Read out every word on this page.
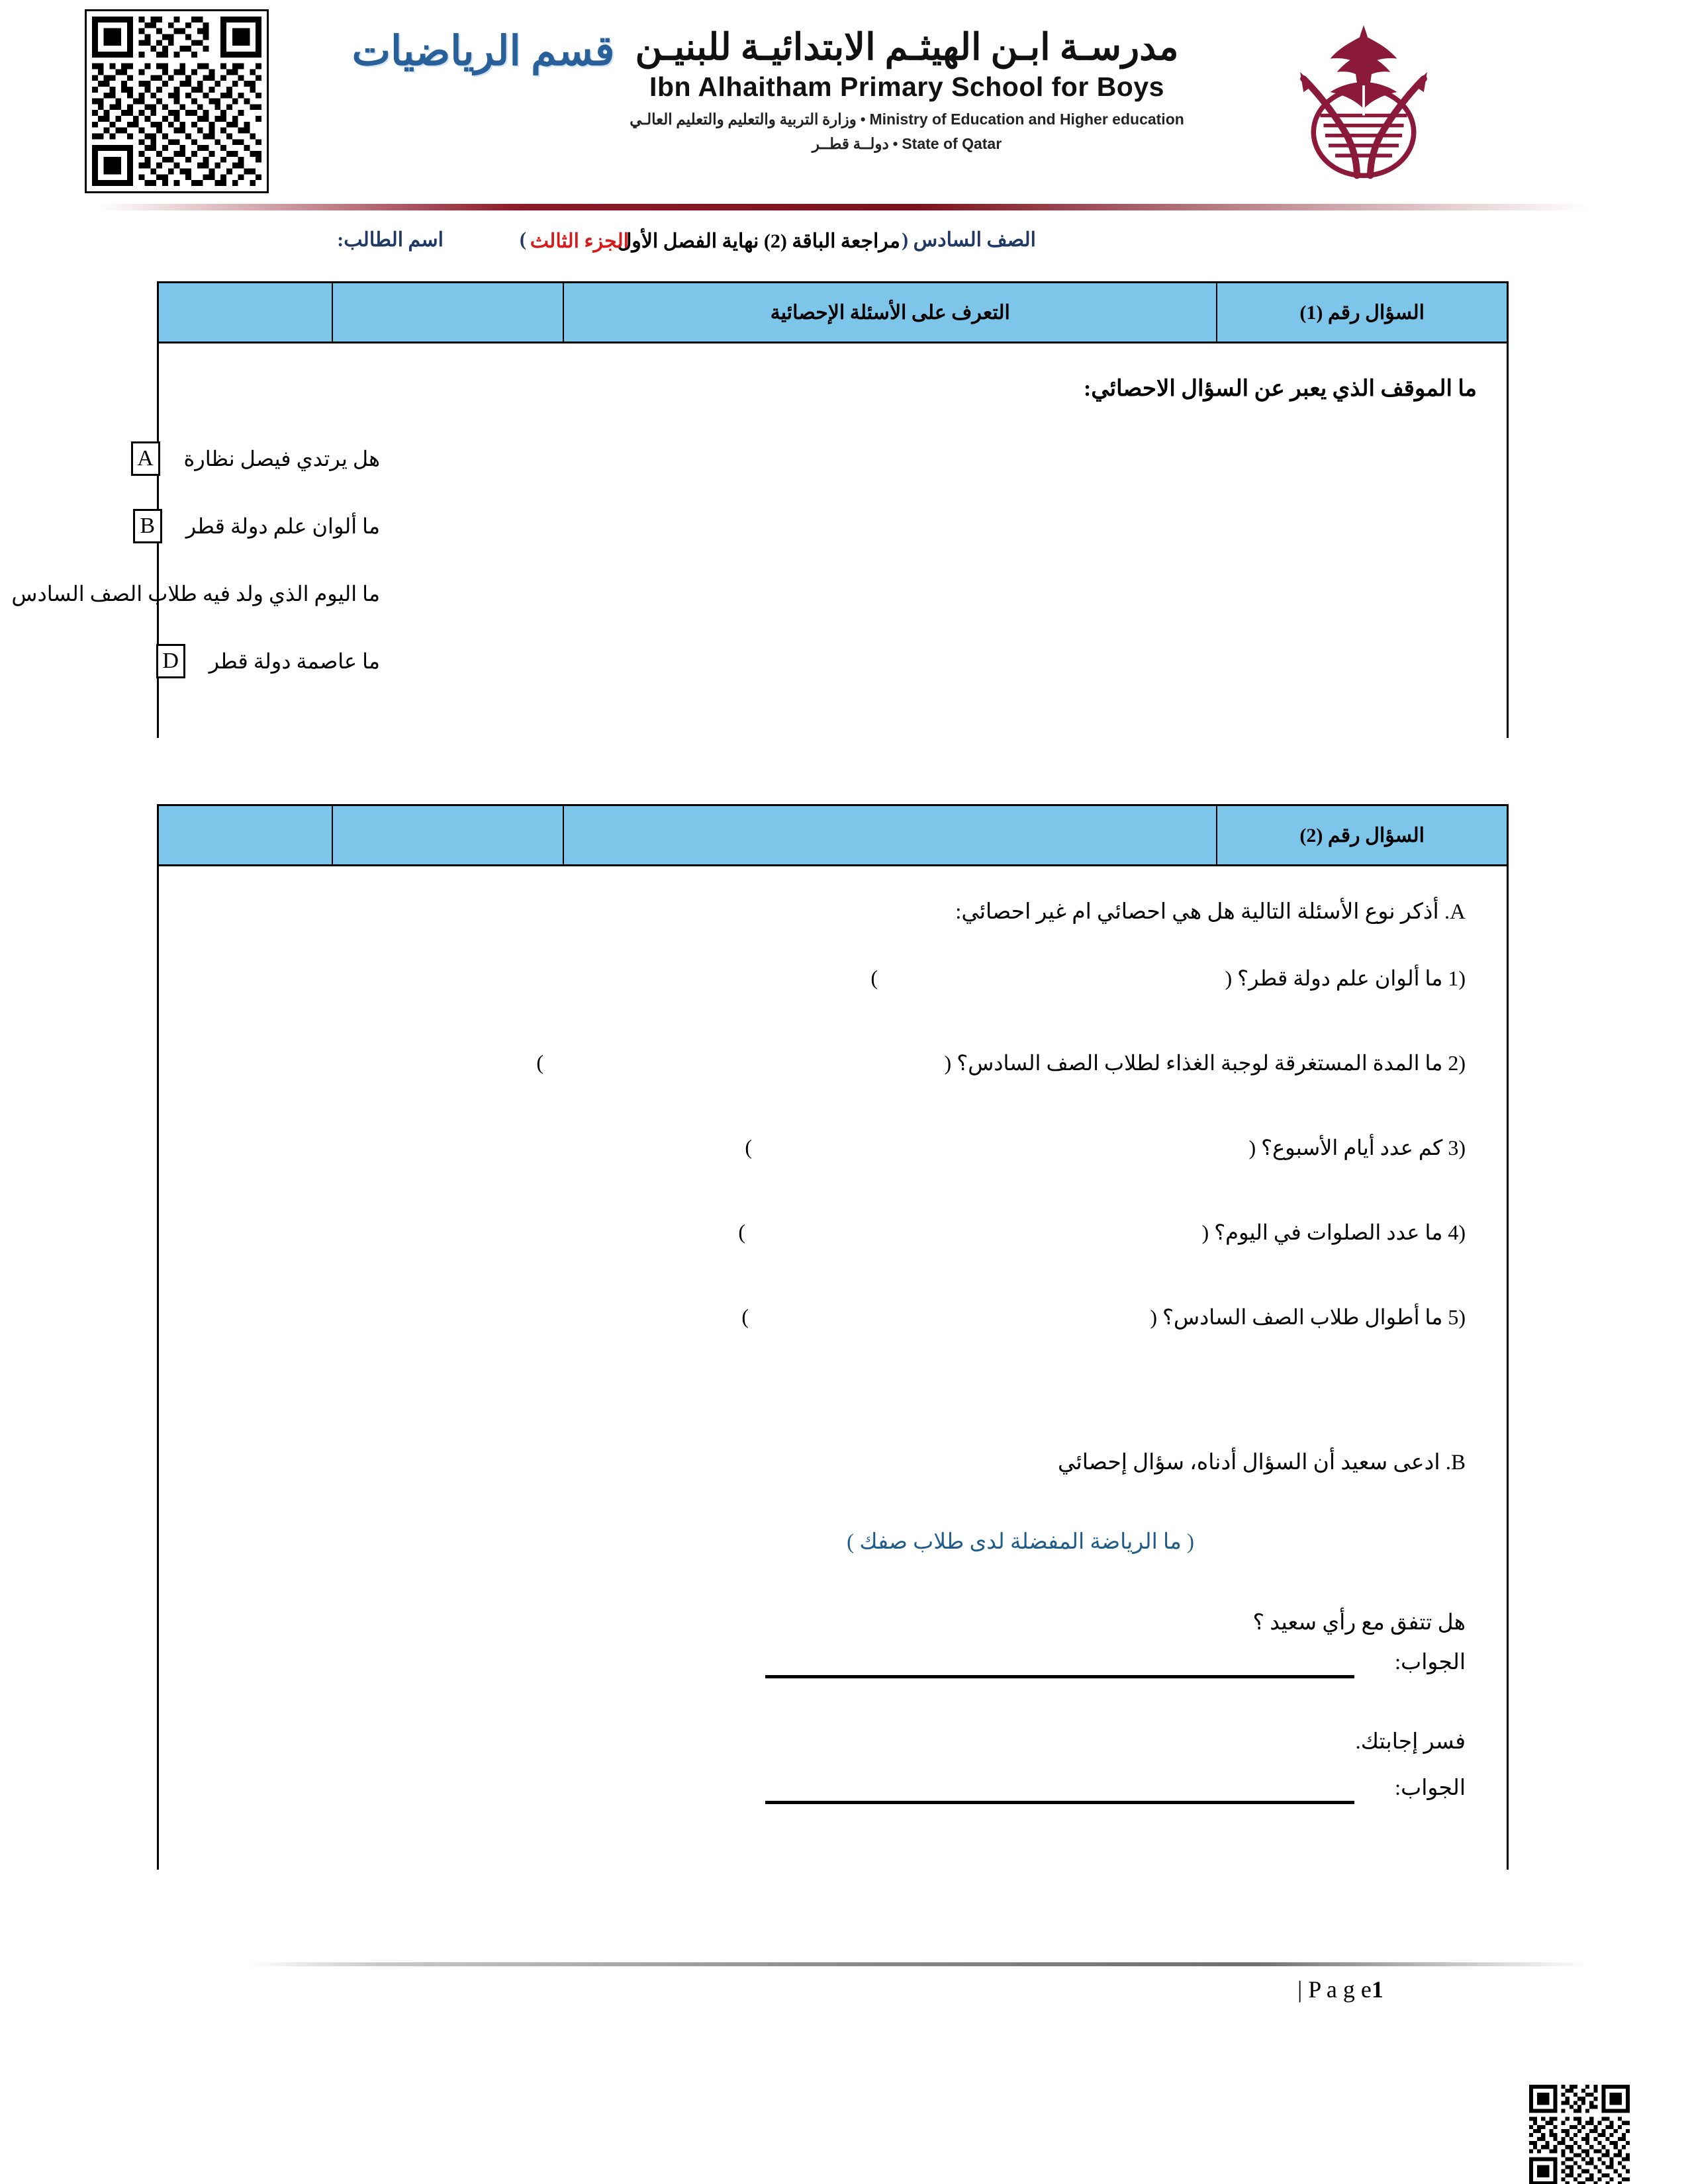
قسم الرياضيات مدرسـة ابـن الهيثـم الابتدائيـة للبنيـن
Ibn Alhaitham Primary School for Boys
Ministry of Education and Higher education • وزارة التربية والتعليم والتعليم العالـي
State of Qatar • دولــة قطــر
الصف السادس (
)	مراجعة الباقة (2) نهاية الفصل الأول
الجزء الثالث
اسم الطالب:
السؤال رقم (1)
التعرف على الأسئلة الإحصائية
ما الموقف الذي يعبر عن السؤال الاحصائي:
هل يرتدي فيصل نظارة
A
ما ألوان علم دولة قطر
B
ما اليوم الذي ولد فيه طلاب الصف السادس
ما عاصمة دولة قطر
D
السؤال رقم (2)
A. أذكر نوع الأسئلة التالية هل هي احصائي ام غير احصائي:
1) ما ألوان علم دولة قطر؟ (
)
2) ما المدة المستغرقة لوجبة الغذاء لطلاب الصف السادس؟ (
)
3) كم عدد أيام الأسبوع؟ (
)
4) ما عدد الصلوات في اليوم؟ (
)
5) ما أطوال طلاب الصف السادس؟ (
)
B. ادعى سعيد أن السؤال أدناه، سؤال إحصائي
( ما الرياضة المفضلة لدى طلاب صفك )
هل تتفق مع رأي سعيد ؟
الجواب:
فسر إجابتك.
الجواب:
| P a g e1
